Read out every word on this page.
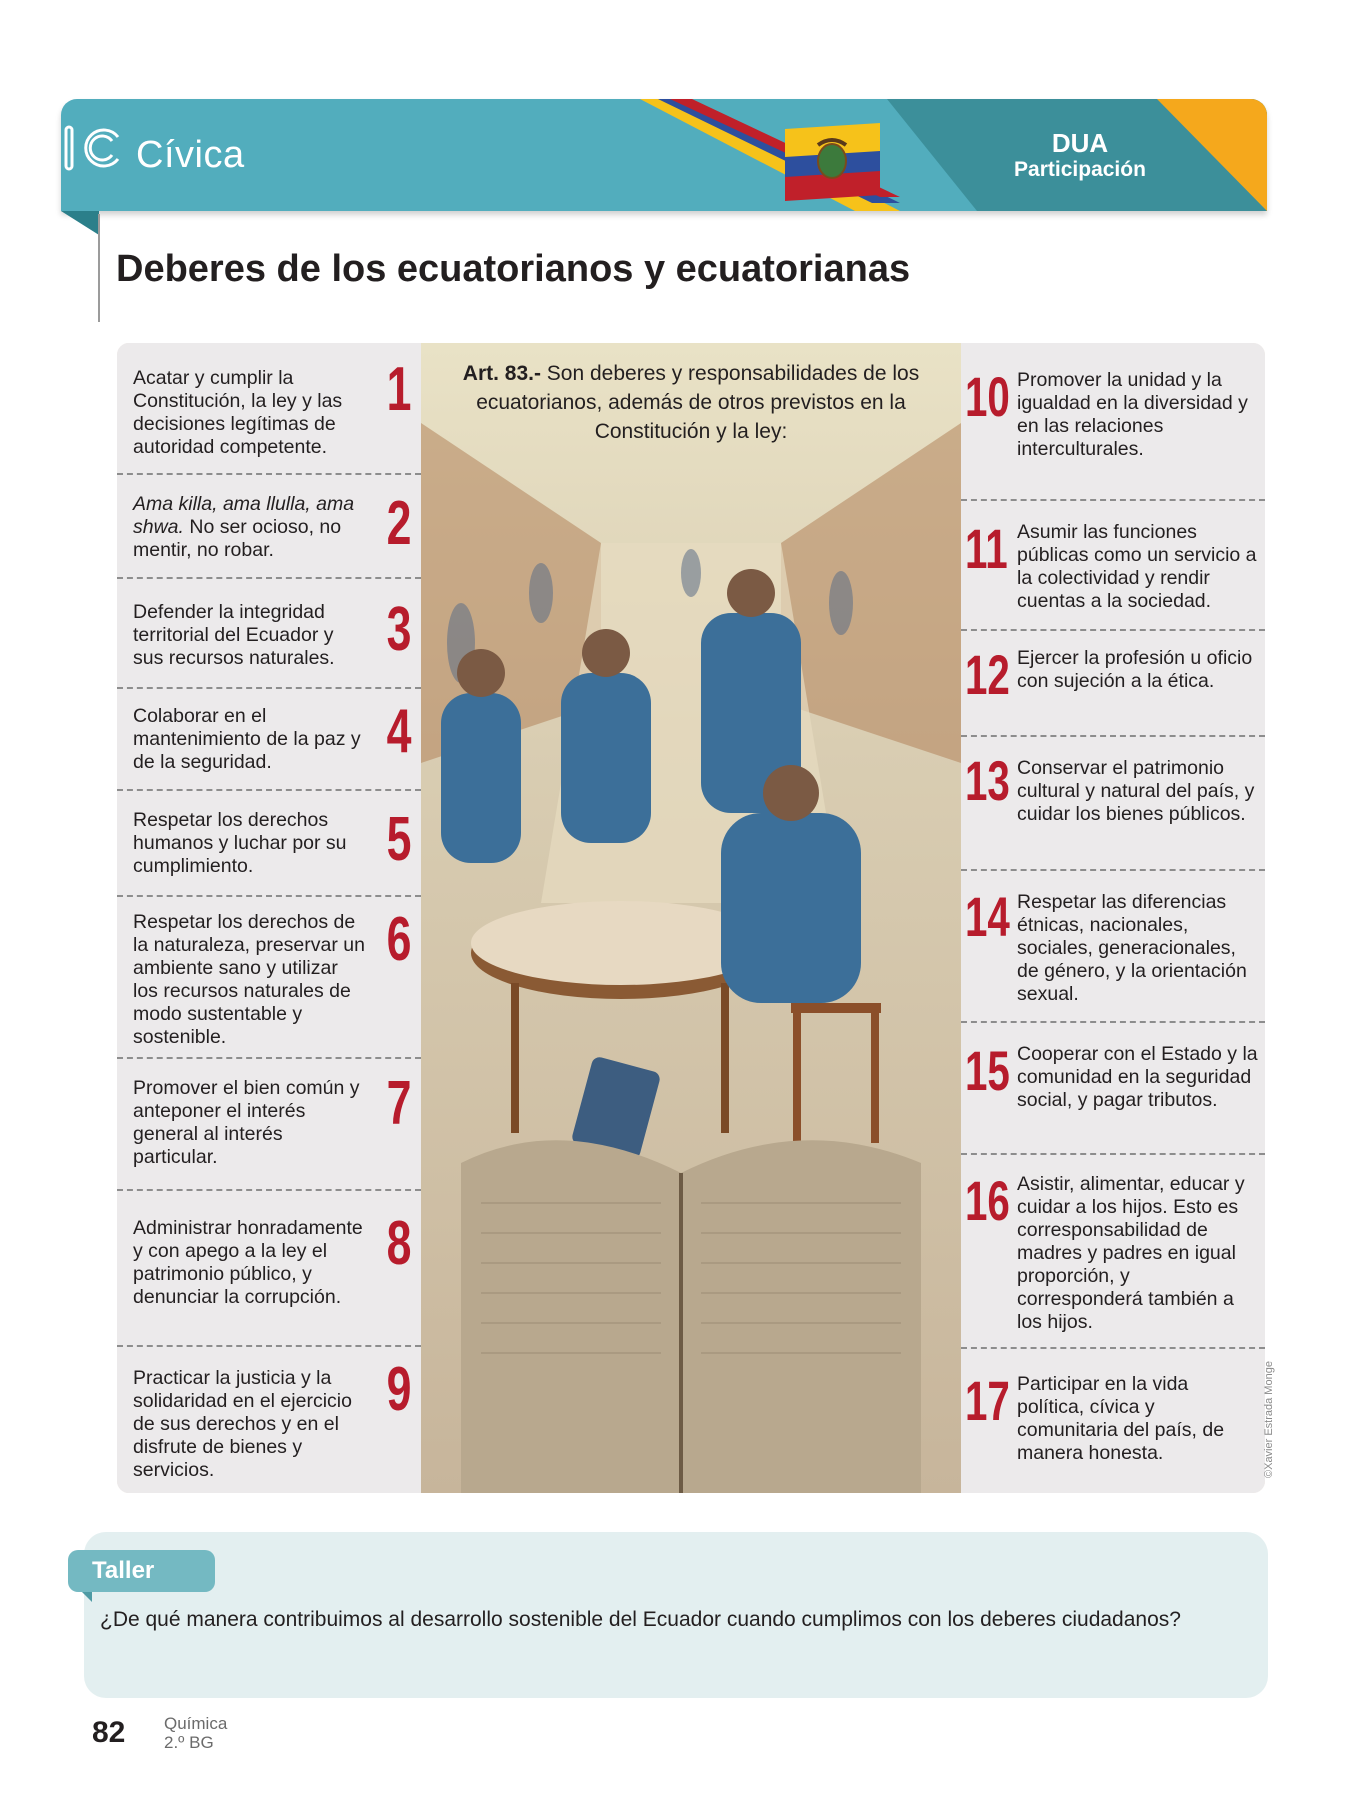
Cívica	DUA
Participación
Deberes de los ecuatorianos y ecuatorianas
Art. 83.- Son deberes y responsabilidades de los ecuatorianos, además de otros previstos en la Constitución y la ley:
Acatar y cumplir la Constitución, la ley y las decisiones legítimas de autoridad competente.
1
Ama killa, ama llulla, ama shwa. No ser ocioso, no mentir, no robar.	2
Defender la integridad territorial del Ecuador y sus recursos naturales. 3
Colaborar en el mantenimiento de la paz y de la seguridad.	4
Respetar los derechos humanos y luchar por su cumplimiento.	5
Respetar los derechos de la naturaleza, preservar un ambiente sano y utilizar los recursos naturales de modo sustentable y sostenible.
6
Promover el bien común y anteponer el interés general al interés particular.
7
Administrar honradamente y con apego a la ley el patrimonio público, y denunciar la corrupción.
8
Practicar la justicia y la solidaridad en el ejercicio de sus derechos y en el disfrute de bienes y servicios.
9
10 Promover la unidad y la igualdad en la diversidad y en las relaciones interculturales.
11 Asumir las funciones públicas como un servicio a la colectividad y rendir cuentas a la sociedad.
12 Ejercer la profesión u oficio con sujeción a la ética.
13 Conservar el patrimonio cultural y natural del país, y cuidar los bienes públicos.
14 Respetar las diferencias étnicas, nacionales, sociales, generacionales, de género, y la orientación sexual.
15 Cooperar con el Estado y la comunidad en la seguridad social, y pagar tributos.
16 Asistir, alimentar, educar y cuidar a los hijos. Esto es corresponsabilidad de madres y padres en igual proporción, y corresponderá también a los hijos.
17 Participar en la vida política, cívica y comunitaria del país, de manera honesta.	©Xavier Estrada Monge
Taller
¿De qué manera contribuimos al desarrollo sostenible del Ecuador cuando cumplimos con los deberes ciudadanos?
82 Química
2.º BG
